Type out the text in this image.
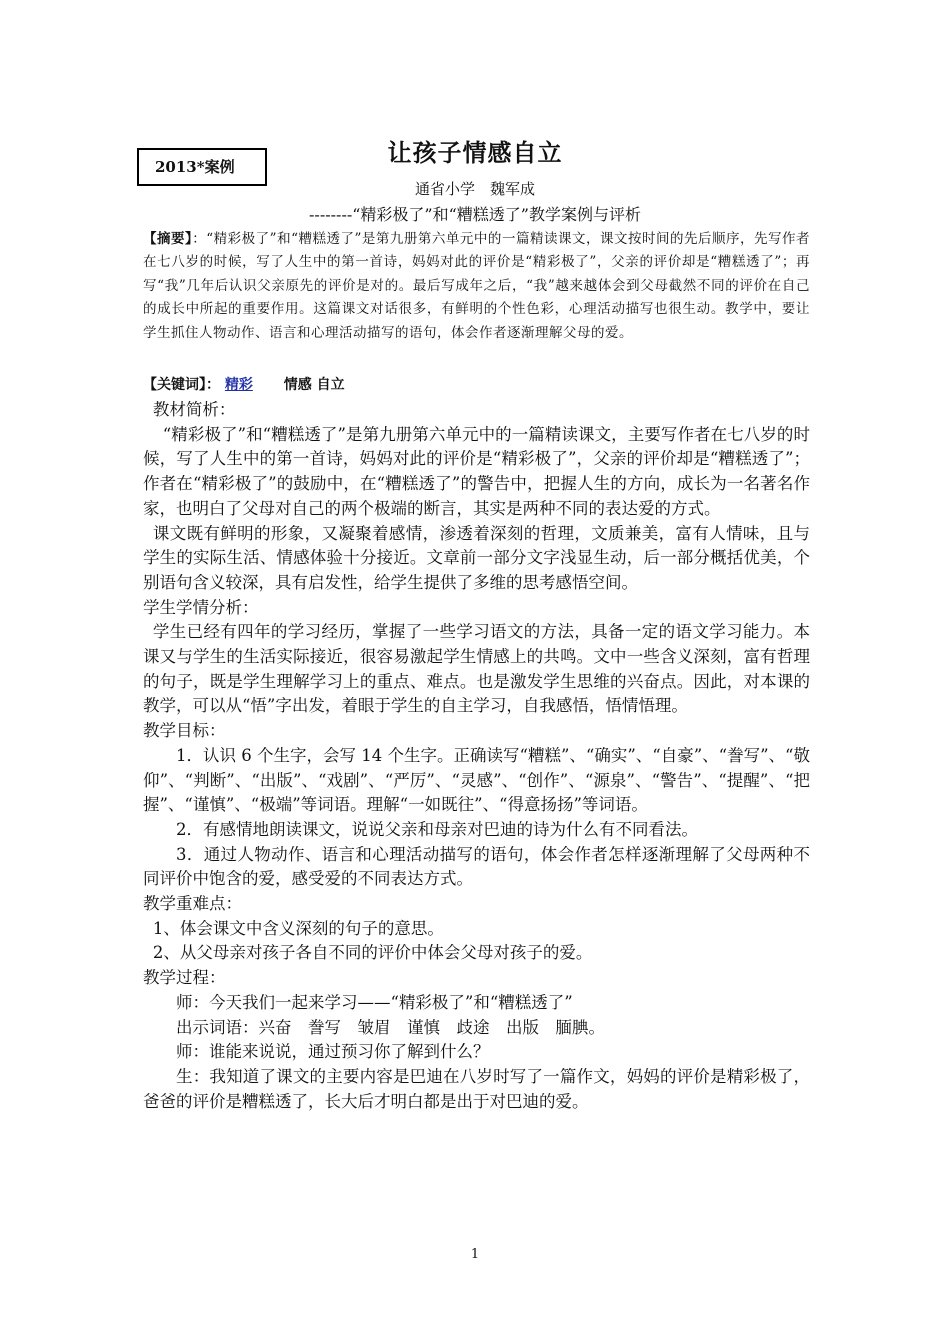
2013*案例	让孩子情感自立
通省小学　魏军成
--------“精彩极了”和“糟糕透了”教学案例与评析
【摘要】：“精彩极了”和“糟糕透了”是第九册第六单元中的一篇精读课文，课文按时间的先后顺序，先写作者在七八岁的时候，写了人生中的第一首诗，妈妈对此的评价是“精彩极了”，父亲的评价却是“糟糕透了”；再写“我”几年后认识父亲原先的评价是对的。最后写成年之后，“我”越来越体会到父母截然不同的评价在自己的成长中所起的重要作用。这篇课文对话很多，有鲜明的个性色彩，心理活动描写也很生动。教学中，要让学生抓住人物动作、语言和心理活动描写的语句，体会作者逐渐理解父母的爱。
【关键词】： 精彩 情感 自立

教材简析：

“精彩极了”和“糟糕透了”是第九册第六单元中的一篇精读课文，主要写作者在七八岁的时候，写了人生中的第一首诗，妈妈对此的评价是“精彩极了”，父亲的评价却是“糟糕透了”；作者在“精彩极了”的鼓励中，在“糟糕透了”的警告中，把握人生的方向，成长为一名著名作家，也明白了父母对自己的两个极端的断言，其实是两种不同的表达爱的方式。

课文既有鲜明的形象，又凝聚着感情，渗透着深刻的哲理，文质兼美，富有人情味，且与学生的实际生活、情感体验十分接近。文章前一部分文字浅显生动，后一部分概括优美，个别语句含义较深，具有启发性，给学生提供了多维的思考感悟空间。

学生学情分析：

学生已经有四年的学习经历，掌握了一些学习语文的方法，具备一定的语文学习能力。本课又与学生的生活实际接近，很容易激起学生情感上的共鸣。文中一些含义深刻，富有哲理的句子，既是学生理解学习上的重点、难点。也是激发学生思维的兴奋点。因此，对本课的教学，可以从“悟”字出发，着眼于学生的自主学习，自我感悟，悟情悟理。

教学目标：

1．认识 6 个生字，会写 14 个生字。正确读写“糟糕”、“确实”、“自豪”、“誊写”、“敬仰”、“判断”、“出版”、“戏剧”、“严厉”、“灵感”、“创作”、“源泉”、“警告”、“提醒”、“把握”、“谨慎”、“极端”等词语。理解“一如既往”、“得意扬扬”等词语。

2．有感情地朗读课文，说说父亲和母亲对巴迪的诗为什么有不同看法。

3．通过人物动作、语言和心理活动描写的语句，体会作者怎样逐渐理解了父母两种不同评价中饱含的爱，感受爱的不同表达方式。

教学重难点：

1、体会课文中含义深刻的句子的意思。

2、从父母亲对孩子各自不同的评价中体会父母对孩子的爱。

教学过程：

师：今天我们一起来学习——“精彩极了”和“糟糕透了”

出示词语：兴奋　誊写　皱眉　谨慎　歧途　出版　腼腆。

师：谁能来说说，通过预习你了解到什么？

生：我知道了课文的主要内容是巴迪在八岁时写了一篇作文，妈妈的评价是精彩极了，爸爸的评价是糟糕透了，长大后才明白都是出于对巴迪的爱。

1
